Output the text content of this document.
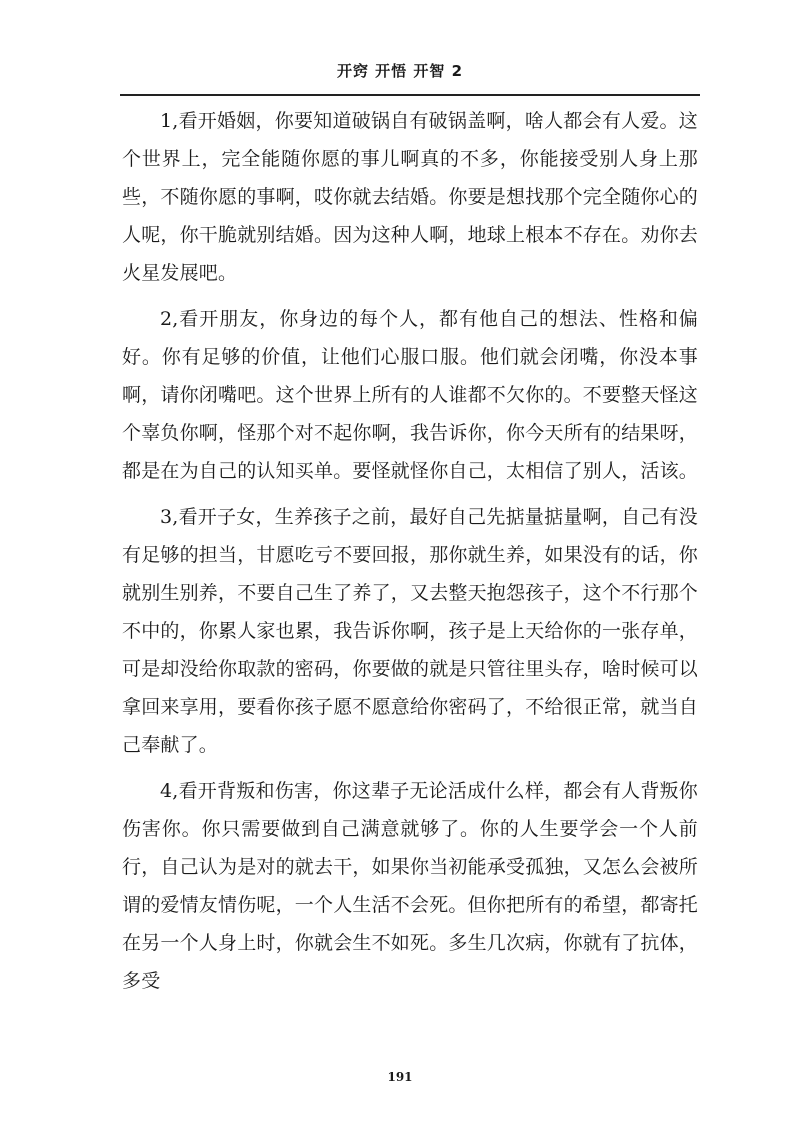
开窍 开悟 开智 2

1,看开婚姻，你要知道破锅自有破锅盖啊，啥人都会有人爱。这个世界上，完全能随你愿的事儿啊真的不多，你能接受别人身上那些，不随你愿的事啊，哎你就去结婚。你要是想找那个完全随你心的人呢，你干脆就别结婚。因为这种人啊，地球上根本不存在。劝你去火星发展吧。

2,看开朋友，你身边的每个人，都有他自己的想法、性格和偏好。你有足够的价值，让他们心服口服。他们就会闭嘴，你没本事啊，请你闭嘴吧。这个世界上所有的人谁都不欠你的。不要整天怪这个辜负你啊，怪那个对不起你啊，我告诉你，你今天所有的结果呀，都是在为自己的认知买单。要怪就怪你自己，太相信了别人，活该。

3,看开子女，生养孩子之前，最好自己先掂量掂量啊，自己有没有足够的担当，甘愿吃亏不要回报，那你就生养，如果没有的话，你就别生别养，不要自己生了养了，又去整天抱怨孩子，这个不行那个不中的，你累人家也累，我告诉你啊，孩子是上天给你的一张存单，可是却没给你取款的密码，你要做的就是只管往里头存，啥时候可以拿回来享用，要看你孩子愿不愿意给你密码了，不给很正常，就当自己奉献了。

4,看开背叛和伤害，你这辈子无论活成什么样，都会有人背叛你伤害你。你只需要做到自己满意就够了。你的人生要学会一个人前行，自己认为是对的就去干，如果你当初能承受孤独，又怎么会被所谓的爱情友情伤呢，一个人生活不会死。但你把所有的希望，都寄托在另一个人身上时，你就会生不如死。多生几次病，你就有了抗体，多受

191
